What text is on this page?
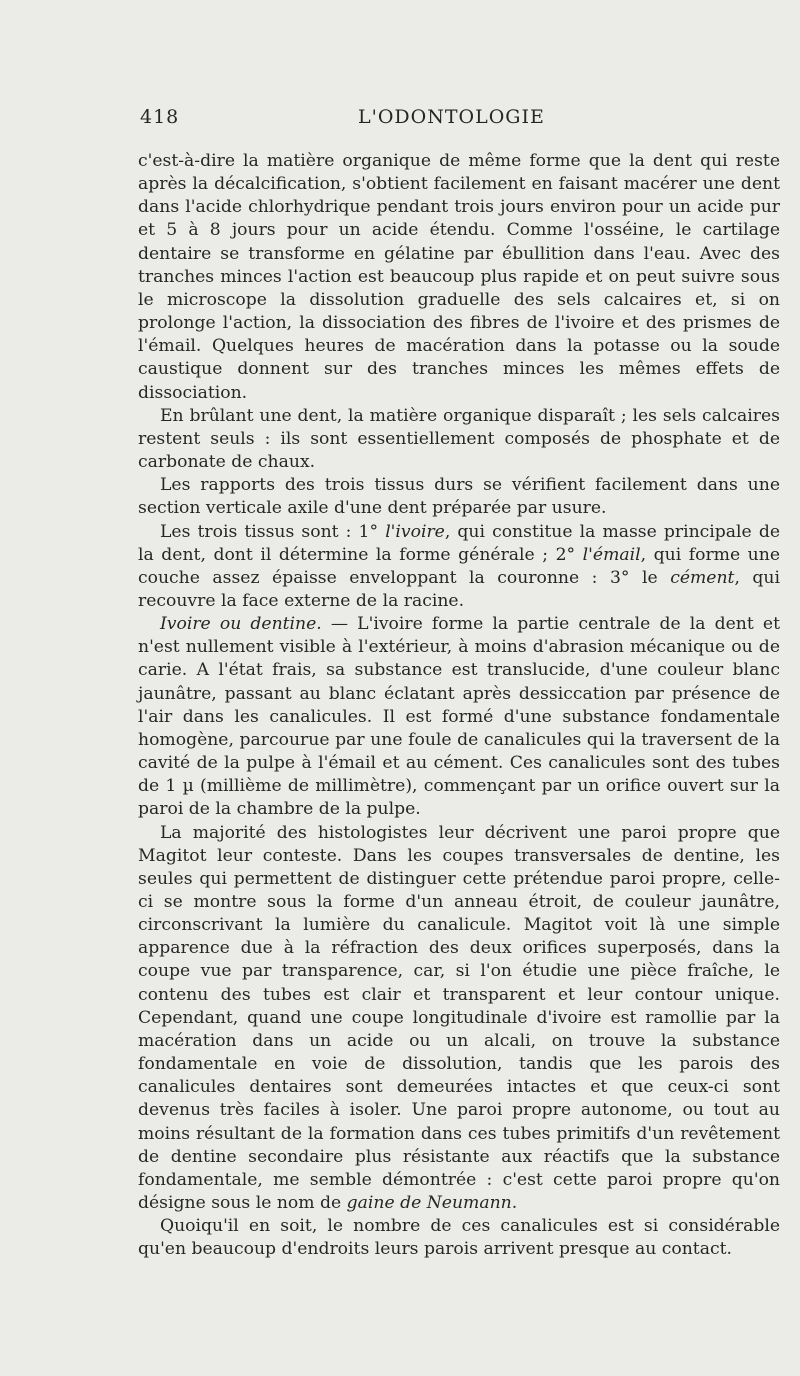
418	L'ODONTOLOGIE

c'est-à-dire la matière organique de même forme que la dent qui reste après la décalcification, s'obtient facilement en faisant macérer une dent dans l'acide chlorhydrique pendant trois jours environ pour un acide pur et 5 à 8 jours pour un acide étendu. Comme l'osséine, le cartilage dentaire se transforme en gélatine par ébullition dans l'eau. Avec des tranches minces l'action est beaucoup plus rapide et on peut suivre sous le microscope la dissolution graduelle des sels calcaires et, si on prolonge l'action, la dissociation des fibres de l'ivoire et des prismes de l'émail. Quelques heures de macération dans la potasse ou la soude caustique donnent sur des tranches minces les mêmes effets de dissociation.

En brûlant une dent, la matière organique disparaît ; les sels calcaires restent seuls : ils sont essentiellement composés de phosphate et de carbonate de chaux.

Les rapports des trois tissus durs se vérifient facilement dans une section verticale axile d'une dent préparée par usure.

Les trois tissus sont : 1° l'ivoire, qui constitue la masse principale de la dent, dont il détermine la forme générale ; 2° l'émail, qui forme une couche assez épaisse enveloppant la couronne : 3° le cément, qui recouvre la face externe de la racine.

Ivoire ou dentine. — L'ivoire forme la partie centrale de la dent et n'est nullement visible à l'extérieur, à moins d'abrasion mécanique ou de carie. A l'état frais, sa substance est translucide, d'une couleur blanc jaunâtre, passant au blanc éclatant après dessiccation par présence de l'air dans les canalicules. Il est formé d'une substance fondamentale homogène, parcourue par une foule de canalicules qui la traversent de la cavité de la pulpe à l'émail et au cément. Ces canalicules sont des tubes de 1 µ (millième de millimètre), commençant par un orifice ouvert sur la paroi de la chambre de la pulpe.

La majorité des histologistes leur décrivent une paroi propre que Magitot leur conteste. Dans les coupes transversales de dentine, les seules qui permettent de distinguer cette prétendue paroi propre, celle-ci se montre sous la forme d'un anneau étroit, de couleur jaunâtre, circonscrivant la lumière du canalicule. Magitot voit là une simple apparence due à la réfraction des deux orifices superposés, dans la coupe vue par transparence, car, si l'on étudie une pièce fraîche, le contenu des tubes est clair et transparent et leur contour unique. Cependant, quand une coupe longitudinale d'ivoire est ramollie par la macération dans un acide ou un alcali, on trouve la substance fondamentale en voie de dissolution, tandis que les parois des canalicules dentaires sont demeurées intactes et que ceux-ci sont devenus très faciles à isoler. Une paroi propre autonome, ou tout au moins résultant de la formation dans ces tubes primitifs d'un revêtement de dentine secondaire plus résistante aux réactifs que la substance fondamentale, me semble démontrée : c'est cette paroi propre qu'on désigne sous le nom de gaine de Neumann.

Quoiqu'il en soit, le nombre de ces canalicules est si considérable qu'en beaucoup d'endroits leurs parois arrivent presque au contact.
